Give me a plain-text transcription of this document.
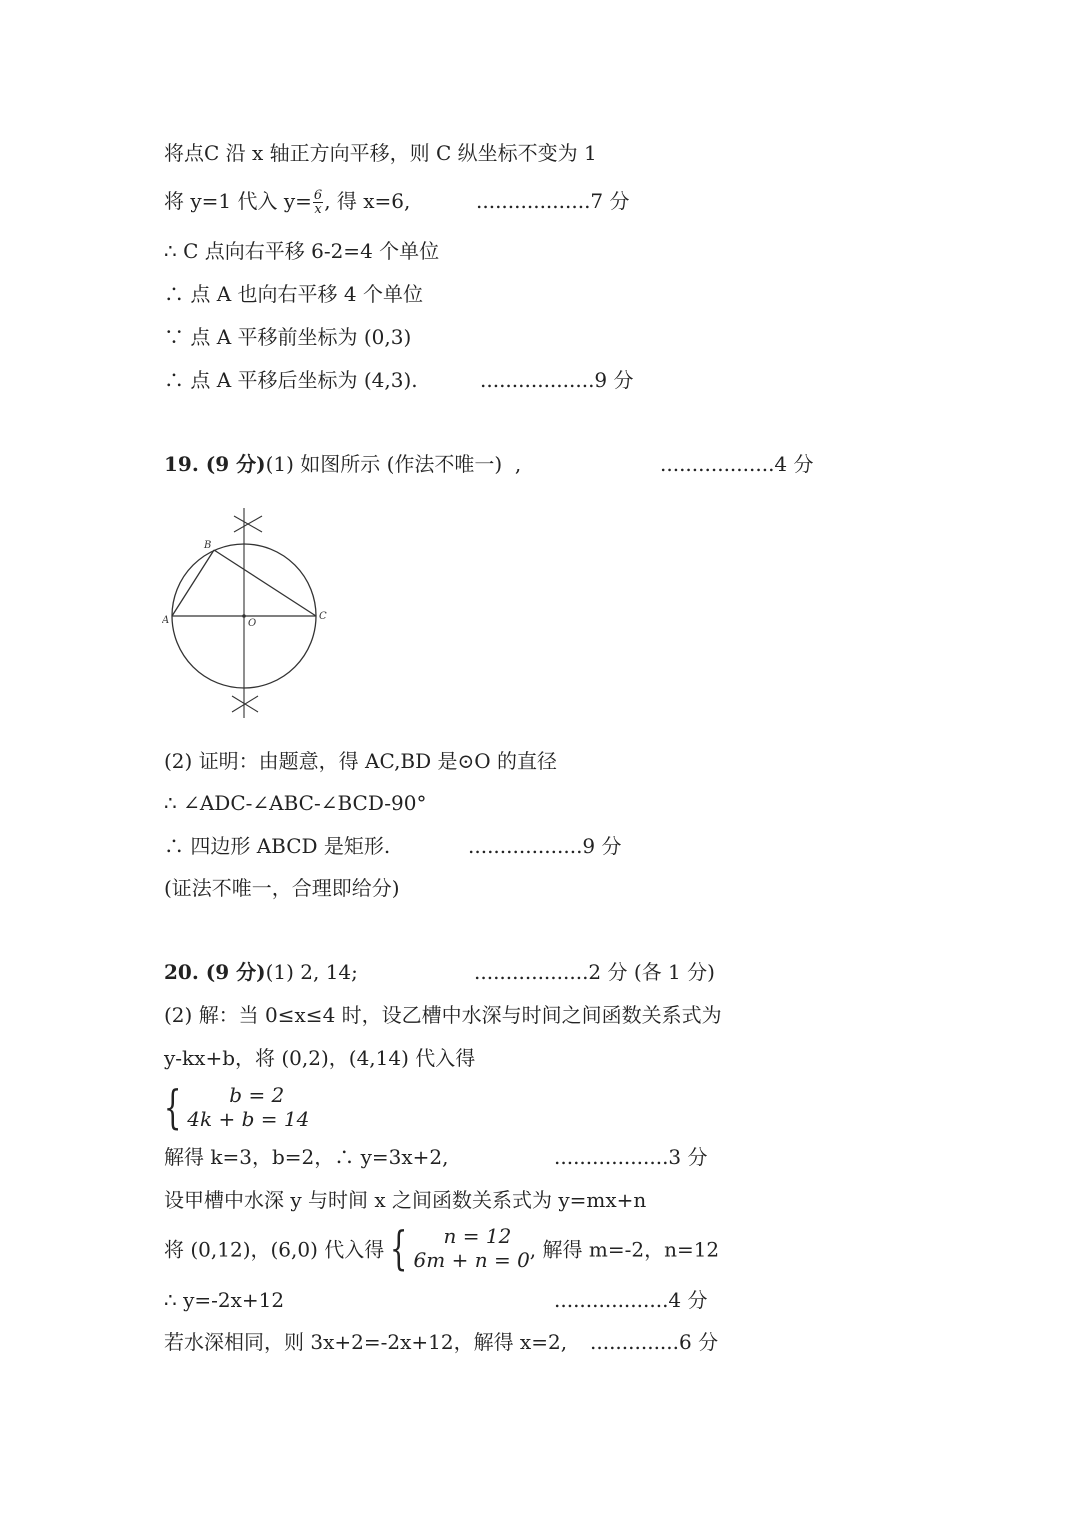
将点C 沿 x 轴正方向平移，则 C 纵坐标不变为 1
将 y=1 代入 $y= \frac{6}{x}$ , 得 x=6,	..................7 分
∴ C 点向右平移 6-2=4 个单位
∴ 点 A 也向右平移 4 个单位
∵ 点 A 平移前坐标为 (0,3)
∴ 点 A 平移后坐标为 (4,3).	..................9 分
19. (9 分)(1) 如图所示 (作法不唯一)  ,	..................4 分
A
B
C
O
(2) 证明：由题意，得 AC,BD 是⊙O 的直径
∴ ∠ADC-∠ABC-∠BCD-90°
∴ 四边形 ABCD 是矩形.	..................9 分
(证法不唯一，合理即给分)
20. (9 分)(1) 2, 14;	..................2 分 (各 1 分)
(2) 解：当 0≤x≤4 时，设乙槽中水深与时间之间函数关系式为
y-kx+b，将 (0,2)，(4,14) 代入得
{	b = 2
4k + b = 14
解得 k=3，b=2，∴ y=3x+2,	..................3 分
设甲槽中水深 y 与时间 x 之间函数关系式为 y=mx+n
将 (0,12)，(6,0) 代入得 {	n = 12
6m + n = 0 , 解得 m=-2，n=12
∴ y=-2x+12	..................4 分
若水深相同，则 3x+2=-2x+12，解得 x=2, ..............6 分
